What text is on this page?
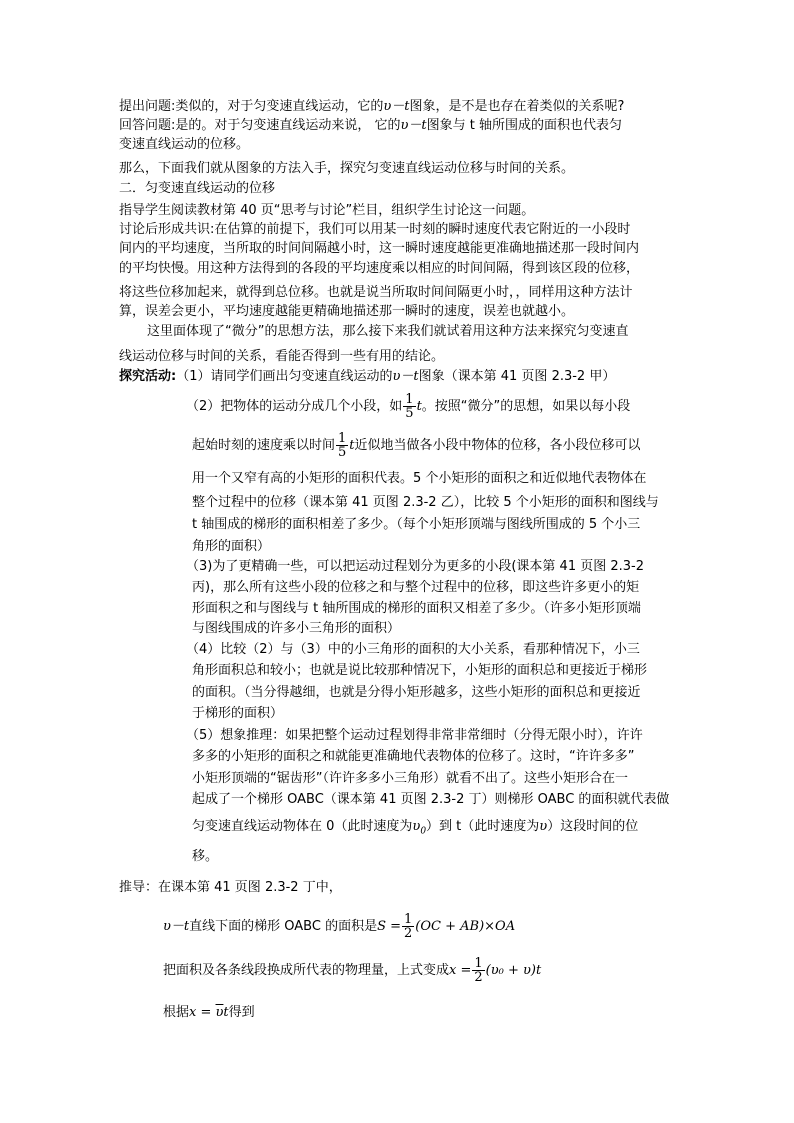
提出问题:类似的，对于匀变速直线运动，它的υ－t图象，是不是也存在着类似的关系呢?
回答问题:是的。对于匀变速直线运动来说， 它的υ－t图象与 t 轴所围成的面积也代表匀
变速直线运动的位移。
那么，下面我们就从图象的方法入手，探究匀变速直线运动位移与时间的关系。
二．匀变速直线运动的位移
指导学生阅读教材第 40 页“思考与讨论”栏目，组织学生讨论这一问题。
讨论后形成共识:在估算的前提下，我们可以用某一时刻的瞬时速度代表它附近的一小段时
间内的平均速度，当所取的时间间隔越小时，这一瞬时速度越能更准确地描述那一段时间内
的平均快慢。用这种方法得到的各段的平均速度乘以相应的时间间隔，得到该区段的位移，
将这些位移加起来，就得到总位移。也就是说当所取时间间隔更小时，，同样用这种方法计
算，误差会更小，平均速度越能更精确地描述那一瞬时的速度，误差也就越小。
这里面体现了“微分”的思想方法，那么接下来我们就试着用这种方法来探究匀变速直
线运动位移与时间的关系，看能否得到一些有用的结论。
探究活动:（1）请同学们画出匀变速直线运动的υ－t图象（课本第 41 页图 2.3-2 甲）
（2）把物体的运动分成几个小段，如 $\frac{1}{5}$ t。按照“微分”的思想，如果以每小段
起始时刻的速度乘以时间 $\frac{1}{5}$ t近似地当做各小段中物体的位移，各小段位移可以
用一个又窄有高的小矩形的面积代表。5 个小矩形的面积之和近似地代表物体在
整个过程中的位移（课本第 41 页图 2.3-2 乙），比较 5 个小矩形的面积和图线与
t 轴围成的梯形的面积相差了多少。（每个小矩形顶端与图线所围成的 5 个小三
角形的面积）
（3)为了更精确一些，可以把运动过程划分为更多的小段(课本第 41 页图 2.3-2
丙)，那么所有这些小段的位移之和与整个过程中的位移，即这些许多更小的矩
形面积之和与图线与 t 轴所围成的梯形的面积又相差了多少。（许多小矩形顶端
与图线围成的许多小三角形的面积）
（4）比较（2）与（3）中的小三角形的面积的大小关系，看那种情况下，小三
角形面积总和较小；也就是说比较那种情况下，小矩形的面积总和更接近于梯形
的面积。（当分得越细，也就是分得小矩形越多，这些小矩形的面积总和更接近
于梯形的面积）
（5）想象推理：如果把整个运动过程划得非常非常细时（分得无限小时），许许
多多的小矩形的面积之和就能更准确地代表物体的位移了。这时，“许许多多”
小矩形顶端的“锯齿形”（许许多多小三角形）就看不出了。这些小矩形合在一
起成了一个梯形 OABC（课本第 41 页图 2.3-2 丁）则梯形 OABC 的面积就代表做
匀变速直线运动物体在 0（此时速度为$\upsilon_0$）到 t（此时速度为υ）这段时间的位
移。
推导：在课本第 41 页图 2.3-2 丁中，
υ－t直线下面的梯形 OABC 的面积是$S = \frac{1}{2} (OC + AB)\times OA$
把面积及各条线段换成所代表的物理量，上式变成$x = \frac{1}{2} (\upsilon_0 + \upsilon)t$
根据$x = \overline{\upsilon}t$得到
